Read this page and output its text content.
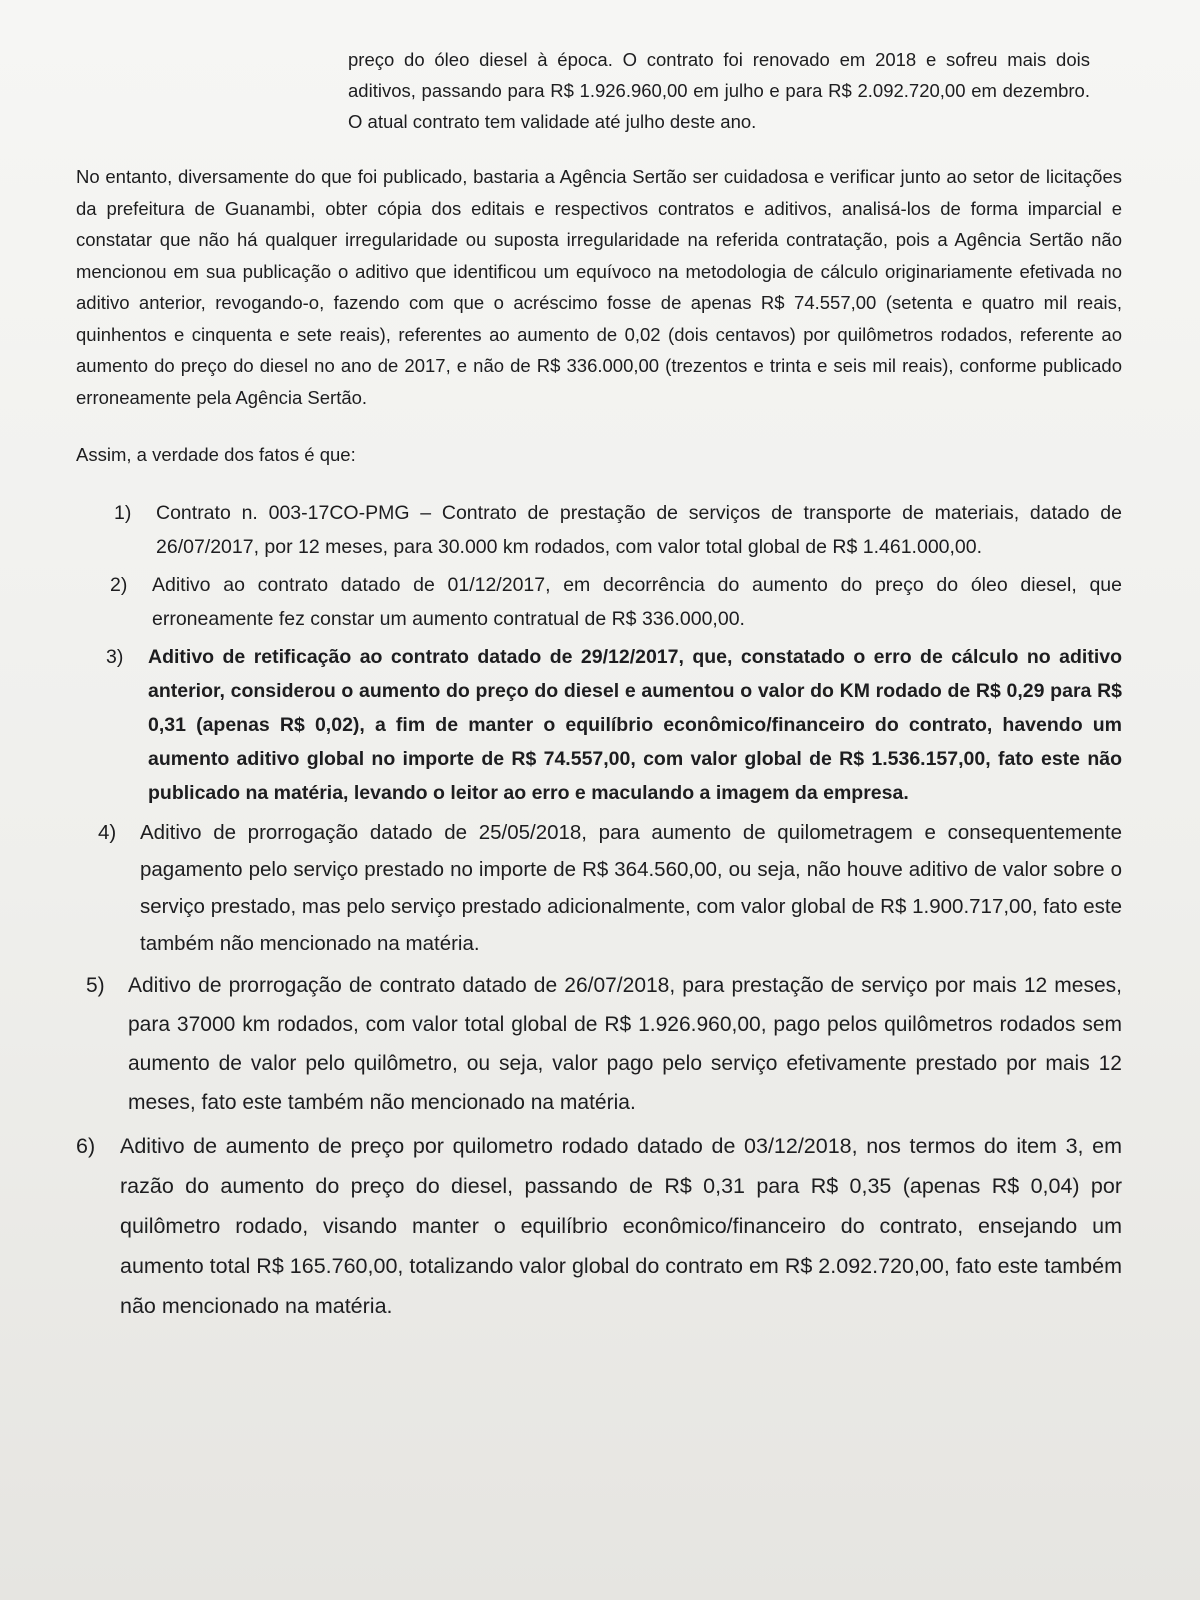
preço do óleo diesel à época. O contrato foi renovado em 2018 e sofreu mais dois aditivos, passando para R$ 1.926.960,00 em julho e para R$ 2.092.720,00 em dezembro. O atual contrato tem validade até julho deste ano.

No entanto, diversamente do que foi publicado, bastaria a Agência Sertão ser cuidadosa e verificar junto ao setor de licitações da prefeitura de Guanambi, obter cópia dos editais e respectivos contratos e aditivos, analisá-los de forma imparcial e constatar que não há qualquer irregularidade ou suposta irregularidade na referida contratação, pois a Agência Sertão não mencionou em sua publicação o aditivo que identificou um equívoco na metodologia de cálculo originariamente efetivada no aditivo anterior, revogando-o, fazendo com que o acréscimo fosse de apenas R$ 74.557,00 (setenta e quatro mil reais, quinhentos e cinquenta e sete reais), referentes ao aumento de 0,02 (dois centavos) por quilômetros rodados, referente ao aumento do preço do diesel no ano de 2017, e não de R$ 336.000,00 (trezentos e trinta e seis mil reais), conforme publicado erroneamente pela Agência Sertão.

Assim, a verdade dos fatos é que:

1) Contrato n. 003-17CO-PMG – Contrato de prestação de serviços de transporte de materiais, datado de 26/07/2017, por 12 meses, para 30.000 km rodados, com valor total global de R$ 1.461.000,00.
2) Aditivo ao contrato datado de 01/12/2017, em decorrência do aumento do preço do óleo diesel, que erroneamente fez constar um aumento contratual de R$ 336.000,00.
3) Aditivo de retificação ao contrato datado de 29/12/2017, que, constatado o erro de cálculo no aditivo anterior, considerou o aumento do preço do diesel e aumentou o valor do KM rodado de R$ 0,29 para R$ 0,31 (apenas R$ 0,02), a fim de manter o equilíbrio econômico/financeiro do contrato, havendo um aumento aditivo global no importe de R$ 74.557,00, com valor global de R$ 1.536.157,00, fato este não publicado na matéria, levando o leitor ao erro e maculando a imagem da empresa.
4) Aditivo de prorrogação datado de 25/05/2018, para aumento de quilometragem e consequentemente pagamento pelo serviço prestado no importe de R$ 364.560,00, ou seja, não houve aditivo de valor sobre o serviço prestado, mas pelo serviço prestado adicionalmente, com valor global de R$ 1.900.717,00, fato este também não mencionado na matéria.
5) Aditivo de prorrogação de contrato datado de 26/07/2018, para prestação de serviço por mais 12 meses, para 37000 km rodados, com valor total global de R$ 1.926.960,00, pago pelos quilômetros rodados sem aumento de valor pelo quilômetro, ou seja, valor pago pelo serviço efetivamente prestado por mais 12 meses, fato este também não mencionado na matéria.
6) Aditivo de aumento de preço por quilometro rodado datado de 03/12/2018, nos termos do item 3, em razão do aumento do preço do diesel, passando de R$ 0,31 para R$ 0,35 (apenas R$ 0,04) por quilômetro rodado, visando manter o equilíbrio econômico/financeiro do contrato, ensejando um aumento total R$ 165.760,00, totalizando valor global do contrato em R$ 2.092.720,00, fato este também não mencionado na matéria.
